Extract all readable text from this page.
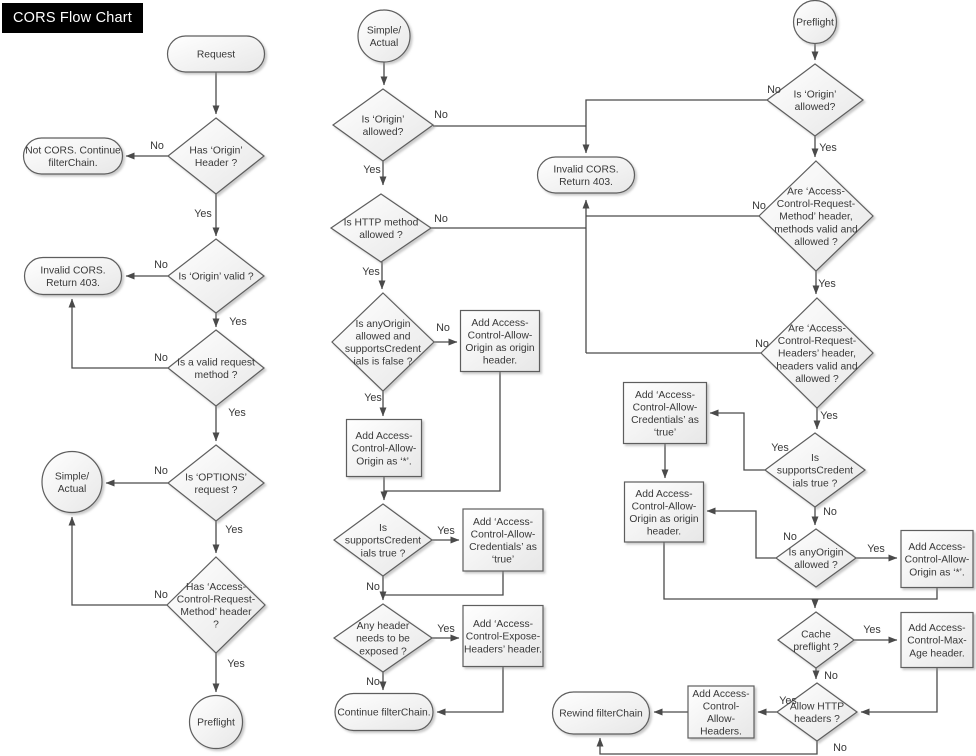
CORS Flow Chart
Request
Has ‘Origin’ Header ?
Not CORS. Continue filterChain.
Is ‘Origin’ valid ?
Invalid CORS. Return 403.
Is a valid request method ?
Is ‘OPTIONS’ request ?
Simple/ Actual
Has ‘Access-Control-Request-Method’ header ?
Preflight
Simple/ Actual
Is ‘Origin’ allowed?
Is HTTP method allowed ?
Is anyOrigin allowed and supportsCredent ials is false ?
Add Access-Control-Allow-Origin as origin header.
Add Access-Control-Allow-Origin as ‘*’.
Is supportsCredent ials true ?
Add ‘Access-Control-Allow-Credentials’ as ‘true’
Any header needs to be exposed ?
Add ‘Access-Control-Expose-Headers’ header.
Continue filterChain.
Invalid CORS. Return 403.
Preflight
Is ‘Origin’ allowed?
Are ‘Access-Control-Request-Method’ header, methods valid and allowed ?
Are ‘Access-Control-Request-Headers’ header, headers valid and allowed ?
Is supportsCredent ials true ?
Add ‘Access-Control-Allow-Credentials’ as ‘true’
Add Access-Control-Allow-Origin as origin header.
Is anyOrigin allowed ?
Add Access-Control-Allow-Origin as ‘*’.
Cache preflight ?
Add Access-Control-Max-Age header.
Allow HTTP headers ?
Add Access-Control-Allow-Headers.
Rewind filterChain
No
Yes
No
Yes
No
Yes
No
Yes
No
Yes
No
Yes
No
Yes
No
Yes
Yes
No
Yes
No
No
Yes
No
Yes
No
Yes
Yes
No
No
Yes
Yes
No
Yes
No
